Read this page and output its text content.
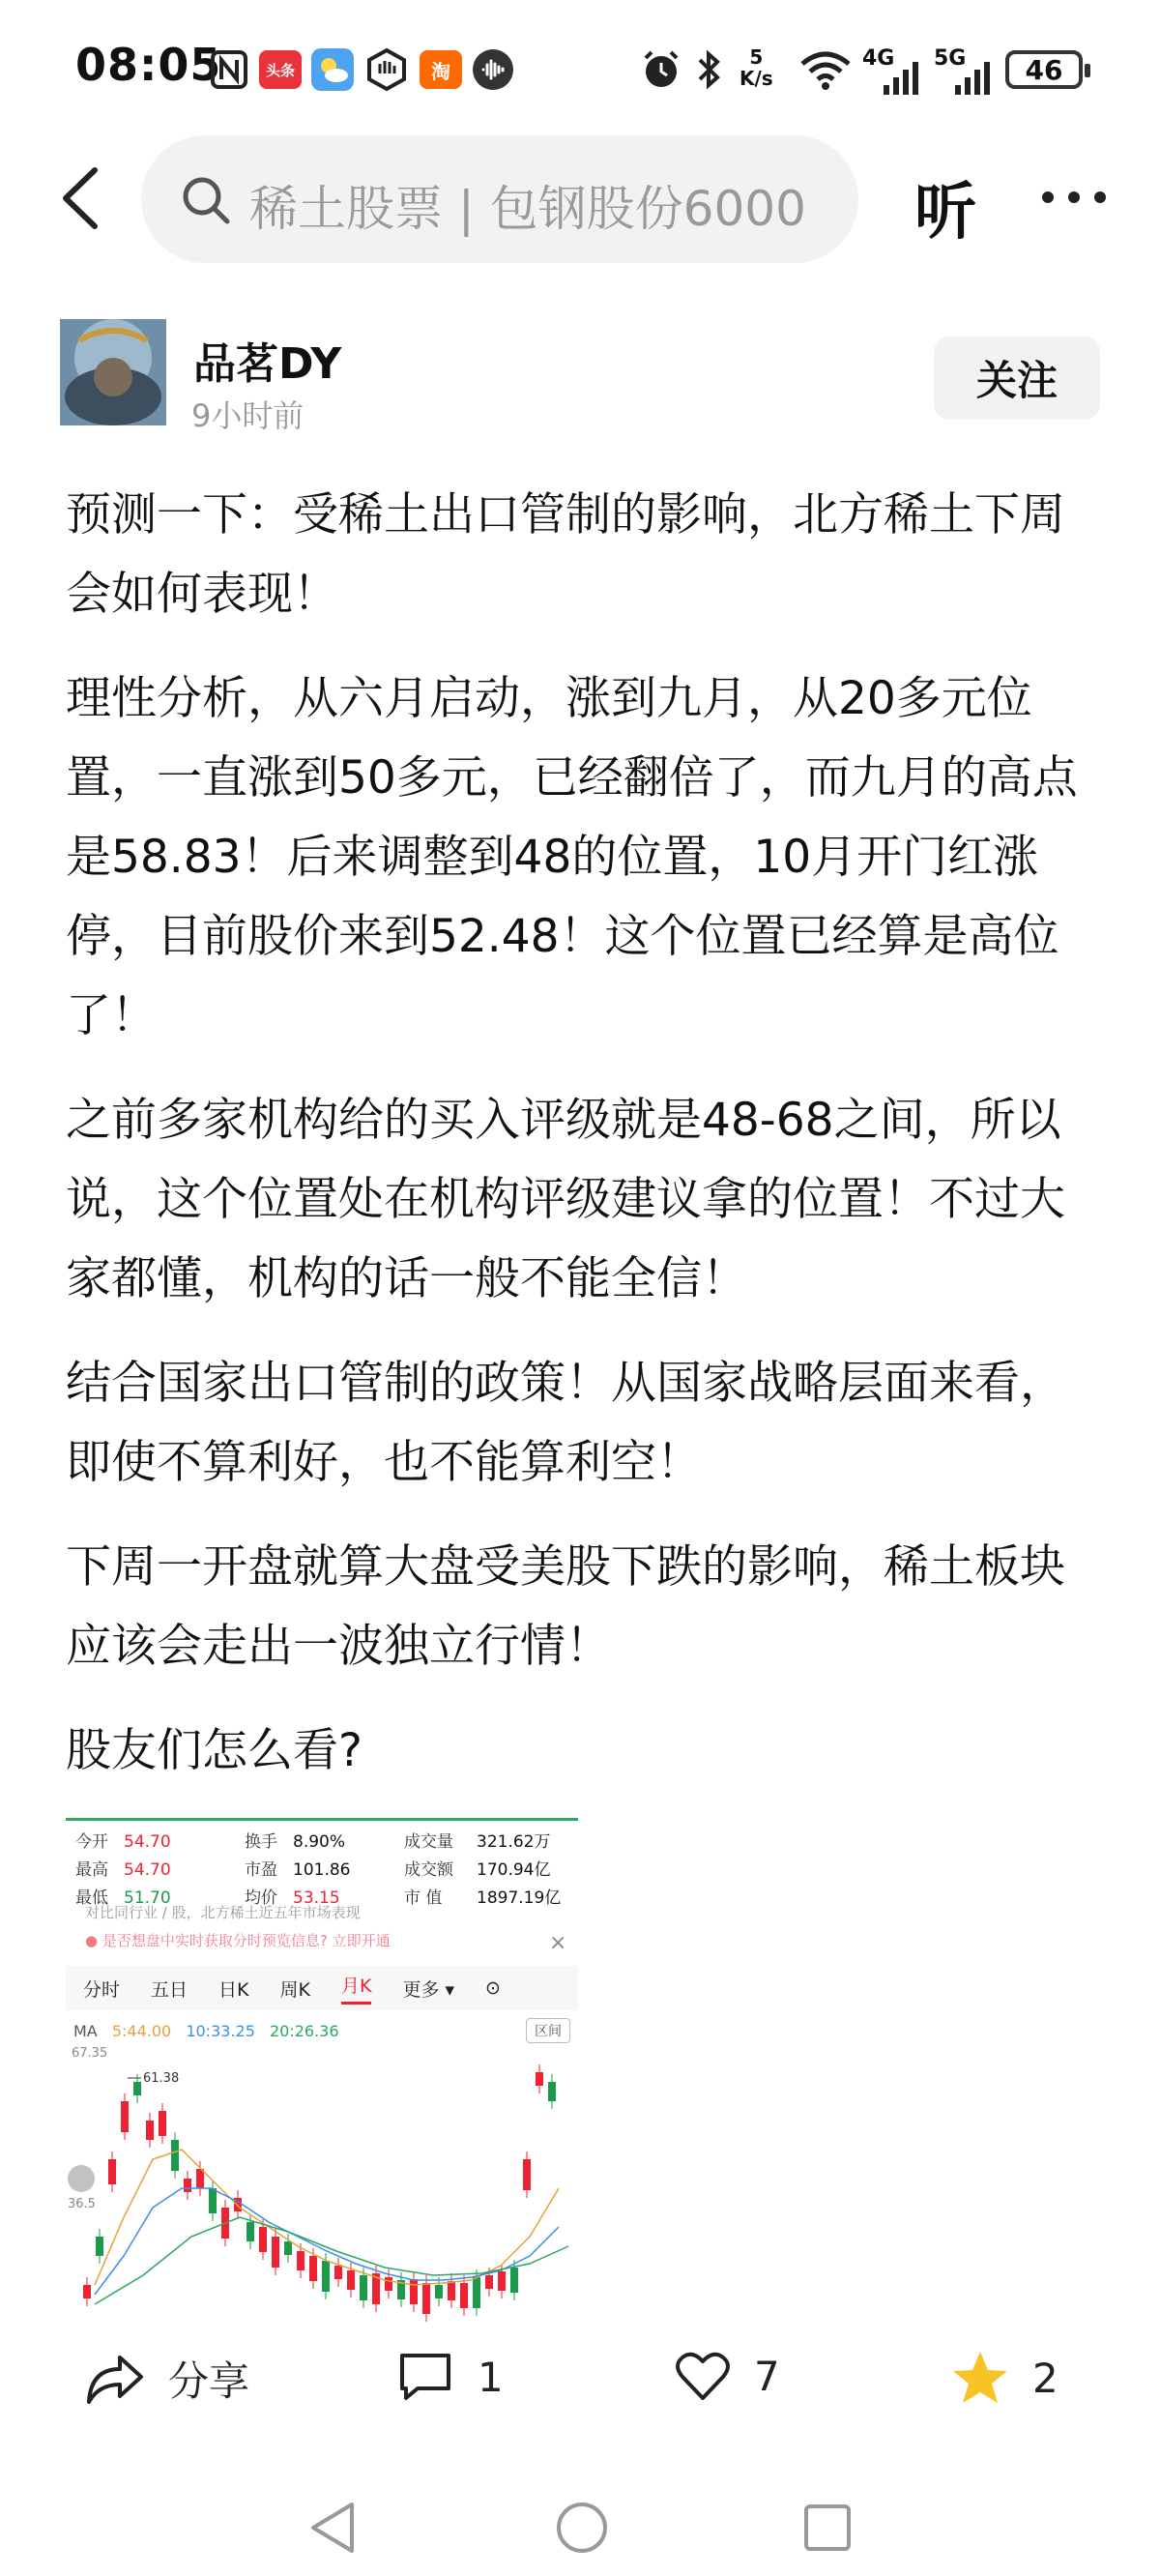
08:05	头条	淘
5
K/s
4G 5G	46
稀土股票 | 包钢股份6000 听
品茗DY
9小时前
关注

预测一下：受稀土出口管制的影响，北方稀土下周会如何表现！

理性分析，从六月启动，涨到九月，从20多元位置，一直涨到50多元，已经翻倍了，而九月的高点是58.83！后来调整到48的位置，10月开门红涨停，目前股价来到52.48！这个位置已经算是高位了！

之前多家机构给的买入评级就是48-68之间，所以说，这个位置处在机构评级建议拿的位置！不过大家都懂，机构的话一般不能全信！

结合国家出口管制的政策！从国家战略层面来看，即使不算利好，也不能算利空！

下周一开盘就算大盘受美股下跌的影响，稀土板块应该会走出一波独立行情！

股友们怎么看?

今开 54.70	换手 8.90%	成交量 321.62万
最高 54.70	市盈 101.86	成交额 170.94亿
最低 51.70	均价 53.15	市 值 1897.19亿
对比同行业 / 股，北方稀土近五年市场表现
● 是否想盘中实时获取分时预览信息? 立即开通	×
分时 五日 日K 周K 月K 更多 ▾ ⊙
MA 5:44.00 10:33.25 20:26.36	区间
67.35
36.5
61.38
分享	1	7	2
